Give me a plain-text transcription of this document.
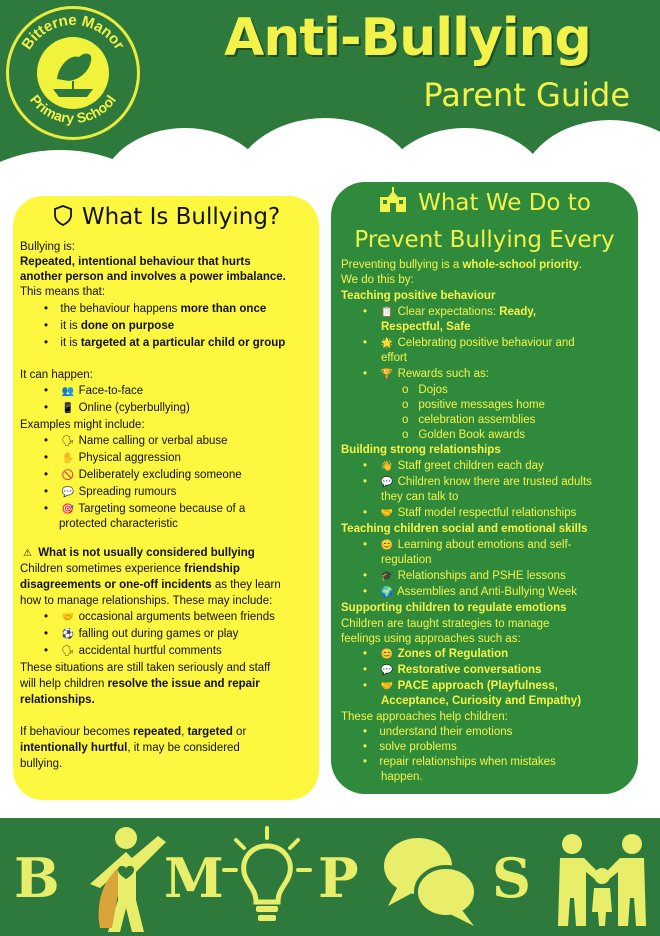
Bitterne Manor
Primary School
Anti-Bullying
Parent Guide
What Is Bullying?
Bullying is:
Repeated, intentional behaviour that hurts
another person and involves a power imbalance.
This means that:
• the behaviour happens more than once
• it is done on purpose
• it is targeted at a particular child or group
It can happen:
• 👥 Face-to-face
• 📱 Online (cyberbullying)
Examples might include:
• 🗣 Name calling or verbal abuse
• ✋ Physical aggression
• 🚫 Deliberately excluding someone
• 💬 Spreading rumours
• 🎯 Targeting someone because of a
protected characteristic
⚠ What is not usually considered bullying
Children sometimes experience friendship
disagreements or one-off incidents as they learn
how to manage relationships. These may include:
• 🤝 occasional arguments between friends
• ⚽ falling out during games or play
• 🗣 accidental hurtful comments
These situations are still taken seriously and staff
will help children resolve the issue and repair
relationships.
If behaviour becomes repeated, targeted or
intentionally hurtful, it may be considered
bullying.
What We Do to
Prevent Bullying Every
Preventing bullying is a whole-school priority.
We do this by:
Teaching positive behaviour
• 📋 Clear expectations: Ready,
Respectful, Safe
• 🌟 Celebrating positive behaviour and
effort
• 🏆 Rewards such as:
o Dojos
o positive messages home
o celebration assemblies
o Golden Book awards
Building strong relationships
• 👋 Staff greet children each day
• 💬 Children know there are trusted adults
they can talk to
• 🤝 Staff model respectful relationships
Teaching children social and emotional skills
• 😊 Learning about emotions and self-
regulation
• 🎓 Relationships and PSHE lessons
• 🌍 Assemblies and Anti-Bullying Week
Supporting children to regulate emotions
Children are taught strategies to manage
feelings using approaches such as:
• 😊 Zones of Regulation
• 💬 Restorative conversations
• 🤝 PACE approach (Playfulness,
Acceptance, Curiosity and Empathy)
These approaches help children:
• understand their emotions
• solve problems
• repair relationships when mistakes
happen.
B M P S
